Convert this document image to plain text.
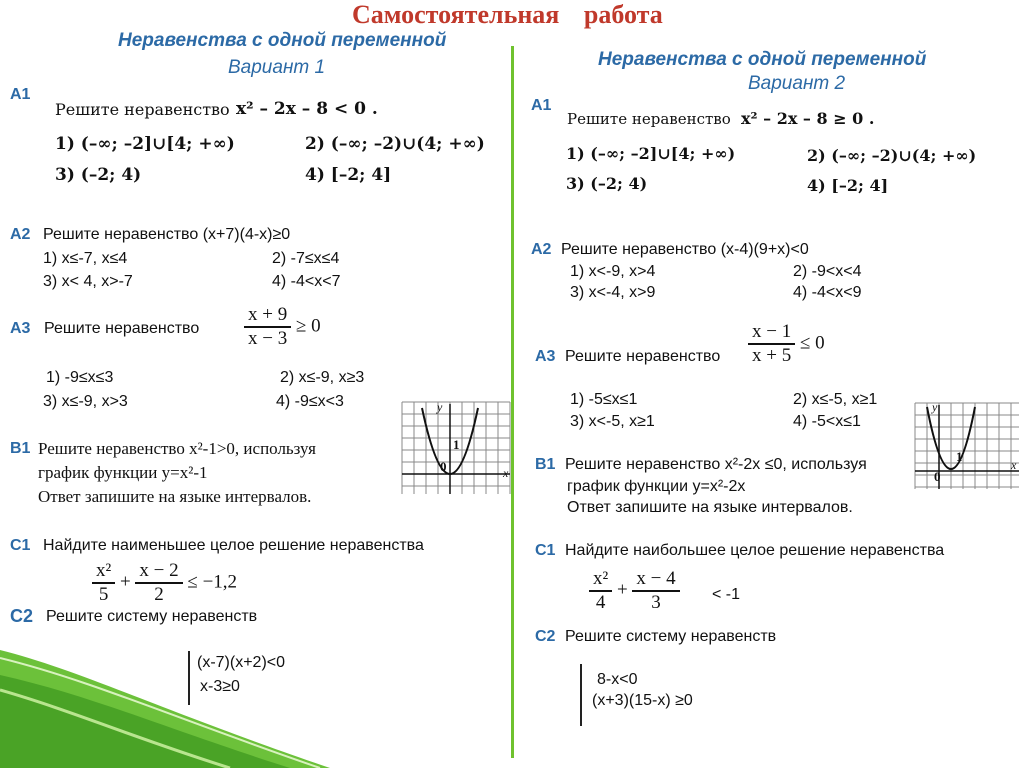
Самостоятельная работа
Неравенства с одной переменной
Вариант 1
А1
Решите неравенство x² – 2x – 8 < 0 .
1) (–∞; –2]∪[4; +∞)	2) (–∞; –2)∪(4; +∞)
3) (–2; 4)	4) [–2; 4]
А2 Решите неравенство (x+7)(4-x)≥0
1) x≤-7, x≤4	2) -7≤x≤4
3) x< 4, x>-7	4) -4<x<7
А3 Решите неравенство $\frac{x + 9}{x - 3} \ge 0$
1) -9≤x≤3	2) x≤-9, x≥3
3) x≤-9, x>3	4) -9≤x<3
В1 Решите неравенство x²-1>0, используя
график функции y=x²-1
Ответ запишите на языке интервалов.
y
x
0
1
С1 Найдите наименьшее целое решение неравенства
$\frac{\text{x²}}{5} + \frac{x - 2}{2} \le -1,2$
С2 Решите систему неравенств
(x-7)(x+2)<0
x-3≥0
Неравенства с одной переменной
Вариант 2
А1
Решите неравенство x² – 2x – 8 ≥ 0 .
1) (–∞; –2]∪[4; +∞)	2) (–∞; –2)∪(4; +∞)
3) (–2; 4)	4) [–2; 4]
А2 Решите неравенство (x-4)(9+x)<0
1) x<-9, x>4	2) -9<x<4
3) x<-4, x>9	4) -4<x<9
А3 Решите неравенство $\frac{x - 1}{x + 5} \le 0$
1) -5≤x≤1	2) x≤-5, x≥1
3) x<-5, x≥1	4) -5<x≤1
В1 Решите неравенство x²-2x ≤0, используя
график функции y=x²-2x
Ответ запишите на языке интервалов.
y
x
0
1
С1 Найдите наибольшее целое решение неравенства
$\frac{\text{x²}}{4} + \frac{x - 4}{3} < -1$
С2 Решите систему неравенств
8-x<0
(x+3)(15-x) ≥0
